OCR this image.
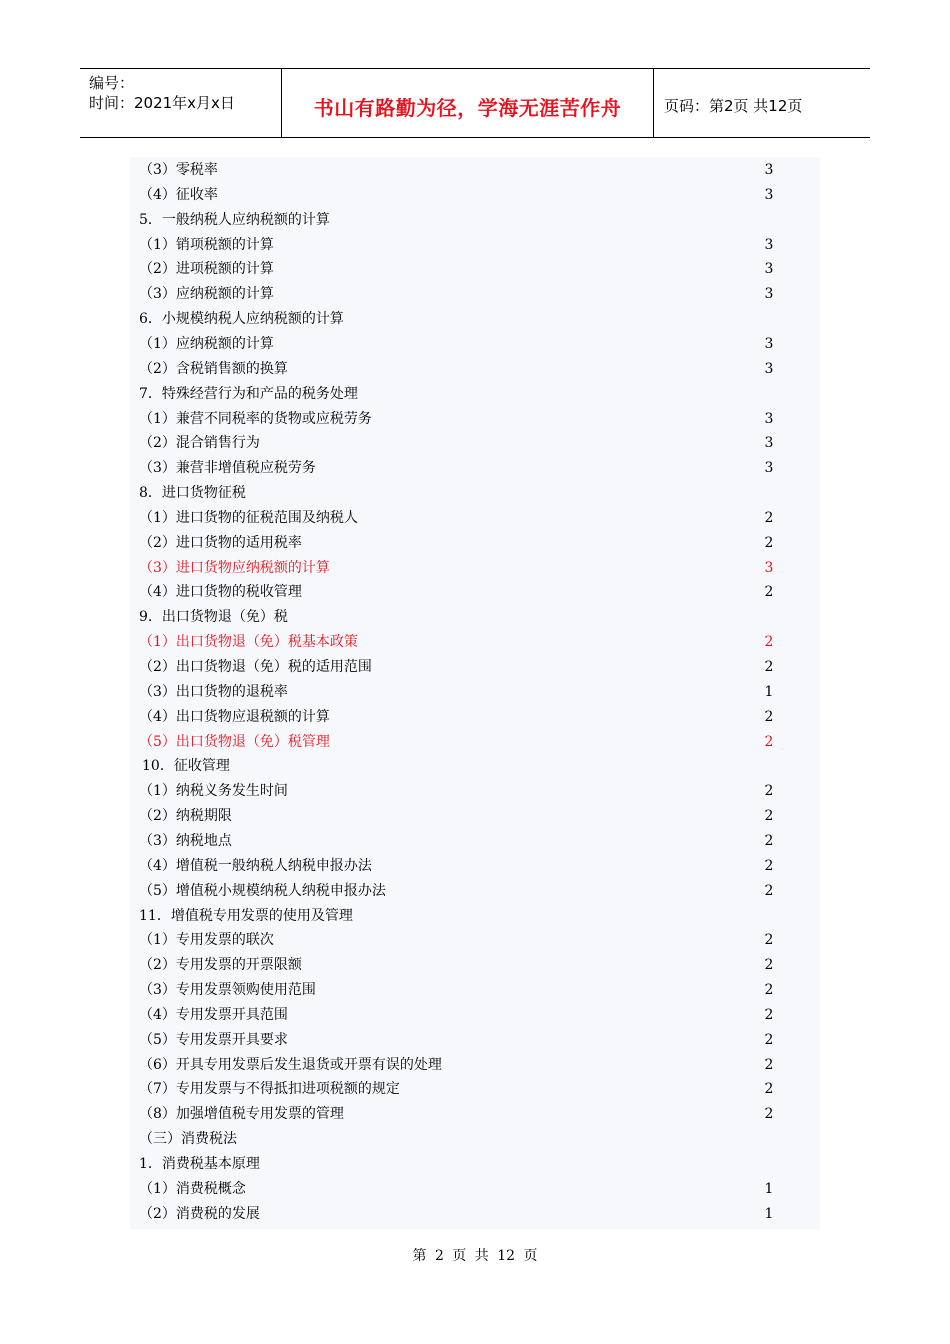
编号：
时间：2021年x月x日	书山有路勤为径，学海无涯苦作舟	页码：第2页 共12页
（3）零税率	3
（4）征收率	3
5．一般纳税人应纳税额的计算
（1）销项税额的计算	3
（2）进项税额的计算	3
（3）应纳税额的计算	3
6．小规模纳税人应纳税额的计算
（1）应纳税额的计算	3
（2）含税销售额的换算	3
7．特殊经营行为和产品的税务处理
（1）兼营不同税率的货物或应税劳务	3
（2）混合销售行为	3
（3）兼营非增值税应税劳务	3
8．进口货物征税
（1）进口货物的征税范围及纳税人	2
（2）进口货物的适用税率	2
（3）进口货物应纳税额的计算	3
（4）进口货物的税收管理	2
9．出口货物退（免）税
（1）出口货物退（免）税基本政策	2
（2）出口货物退（免）税的适用范围	2
（3）出口货物的退税率	1
（4）出口货物应退税额的计算	2
（5）出口货物退（免）税管理	2
10．征收管理
（1）纳税义务发生时间	2
（2）纳税期限	2
（3）纳税地点	2
（4）增值税一般纳税人纳税申报办法	2
（5）增值税小规模纳税人纳税申报办法	2
11．增值税专用发票的使用及管理
（1）专用发票的联次	2
（2）专用发票的开票限额	2
（3）专用发票领购使用范围	2
（4）专用发票开具范围	2
（5）专用发票开具要求	2
（6）开具专用发票后发生退货或开票有误的处理	2
（7）专用发票与不得抵扣进项税额的规定	2
（8）加强增值税专用发票的管理	2
（三）消费税法
1．消费税基本原理
（1）消费税概念	1
（2）消费税的发展	1
第 2 页 共 12 页
